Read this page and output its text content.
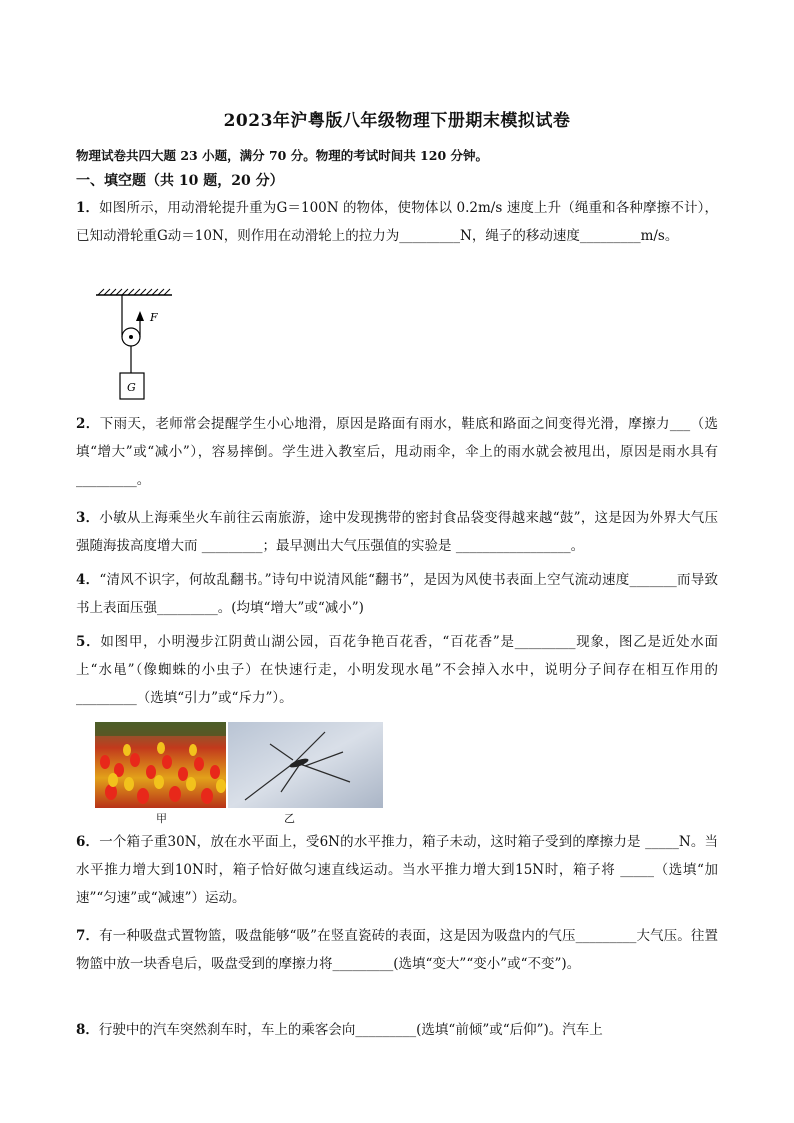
2023年沪粤版八年级物理下册期末模拟试卷
物理试卷共四大题 23 小题，满分 70 分。物理的考试时间共 120 分钟。
一、填空题（共 10 题，20 分）
1．如图所示，用动滑轮提升重为G＝100N 的物体，使物体以 0.2m/s 速度上升（绳重和各种摩擦不计），已知动滑轮重G动＝10N，则作用在动滑轮上的拉力为_________N，绳子的移动速度_________m/s。
F
G
2．下雨天，老师常会提醒学生小心地滑，原因是路面有雨水，鞋底和路面之间变得光滑，摩擦力___（选填“增大”或“减小”），容易摔倒。学生进入教室后，甩动雨伞，伞上的雨水就会被甩出，原因是雨水具有_________。
3．小敏从上海乘坐火车前往云南旅游，途中发现携带的密封食品袋变得越来越“鼓”，这是因为外界大气压强随海拔高度增大而 _________；最早测出大气压强值的实验是 _________________。
4．“清风不识字，何故乱翻书。”诗句中说清风能“翻书”，是因为风使书表面上空气流动速度_______而导致书上表面压强_________。(均填“增大”或“减小”)
5．如图甲，小明漫步江阴黄山湖公园，百花争艳百花香，“百花香”是_________现象，图乙是近处水面上“水黾”（像蜘蛛的小虫子）在快速行走，小明发现水黾”不会掉入水中，说明分子间存在相互作用的_________（选填“引力”或“斥力”）。
甲	乙
6．一个箱子重30N，放在水平面上，受6N的水平推力，箱子未动，这时箱子受到的摩擦力是 _____N。当水平推力增大到10N时，箱子恰好做匀速直线运动。当水平推力增大到15N时，箱子将 _____（选填“加速”“匀速”或“减速”）运动。
7．有一种吸盘式置物篮，吸盘能够“吸”在竖直瓷砖的表面，这是因为吸盘内的气压_________大气压。往置物篮中放一块香皂后，吸盘受到的摩擦力将_________(选填“变大”“变小”或“不变”)。
8．行驶中的汽车突然刹车时，车上的乘客会向_________(选填“前倾”或“后仰”)。汽车上
